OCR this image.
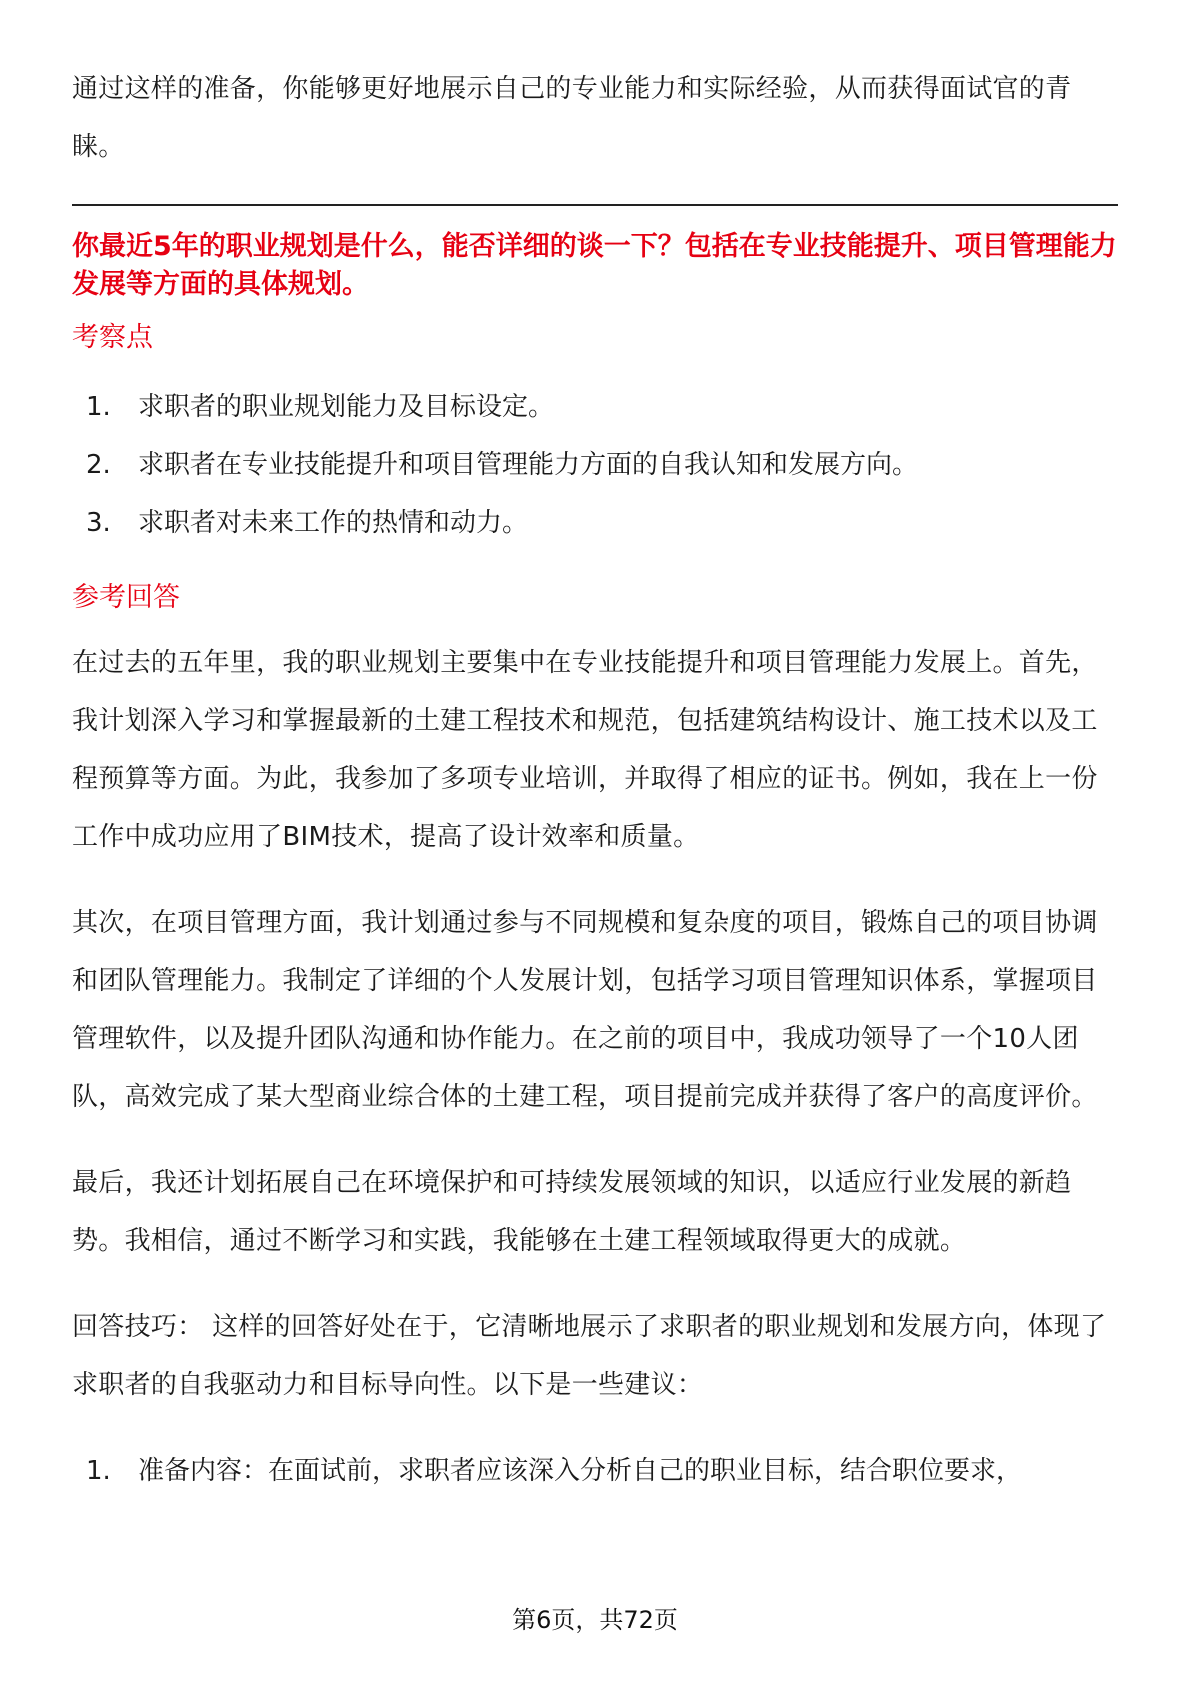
通过这样的准备，你能够更好地展示自己的专业能力和实际经验，从而获得面试官的青睐。

你最近5年的职业规划是什么，能否详细的谈一下？包括在专业技能提升、项目管理能力发展等方面的具体规划。

考察点
1.	求职者的职业规划能力及目标设定。
2.	求职者在专业技能提升和项目管理能力方面的自我认知和发展方向。
3.	求职者对未来工作的热情和动力。
参考回答

在过去的五年里，我的职业规划主要集中在专业技能提升和项目管理能力发展上。首先，我计划深入学习和掌握最新的土建工程技术和规范，包括建筑结构设计、施工技术以及工程预算等方面。为此，我参加了多项专业培训，并取得了相应的证书。例如，我在上一份工作中成功应用了BIM技术，提高了设计效率和质量。

其次，在项目管理方面，我计划通过参与不同规模和复杂度的项目，锻炼自己的项目协调和团队管理能力。我制定了详细的个人发展计划，包括学习项目管理知识体系，掌握项目管理软件，以及提升团队沟通和协作能力。在之前的项目中，我成功领导了一个10人团队，高效完成了某大型商业综合体的土建工程，项目提前完成并获得了客户的高度评价。

最后，我还计划拓展自己在环境保护和可持续发展领域的知识，以适应行业发展的新趋势。我相信，通过不断学习和实践，我能够在土建工程领域取得更大的成就。

回答技巧： 这样的回答好处在于，它清晰地展示了求职者的职业规划和发展方向，体现了求职者的自我驱动力和目标导向性。以下是一些建议：

1.	准备内容：在面试前，求职者应该深入分析自己的职业目标，结合职位要求，
第6页，共72页
